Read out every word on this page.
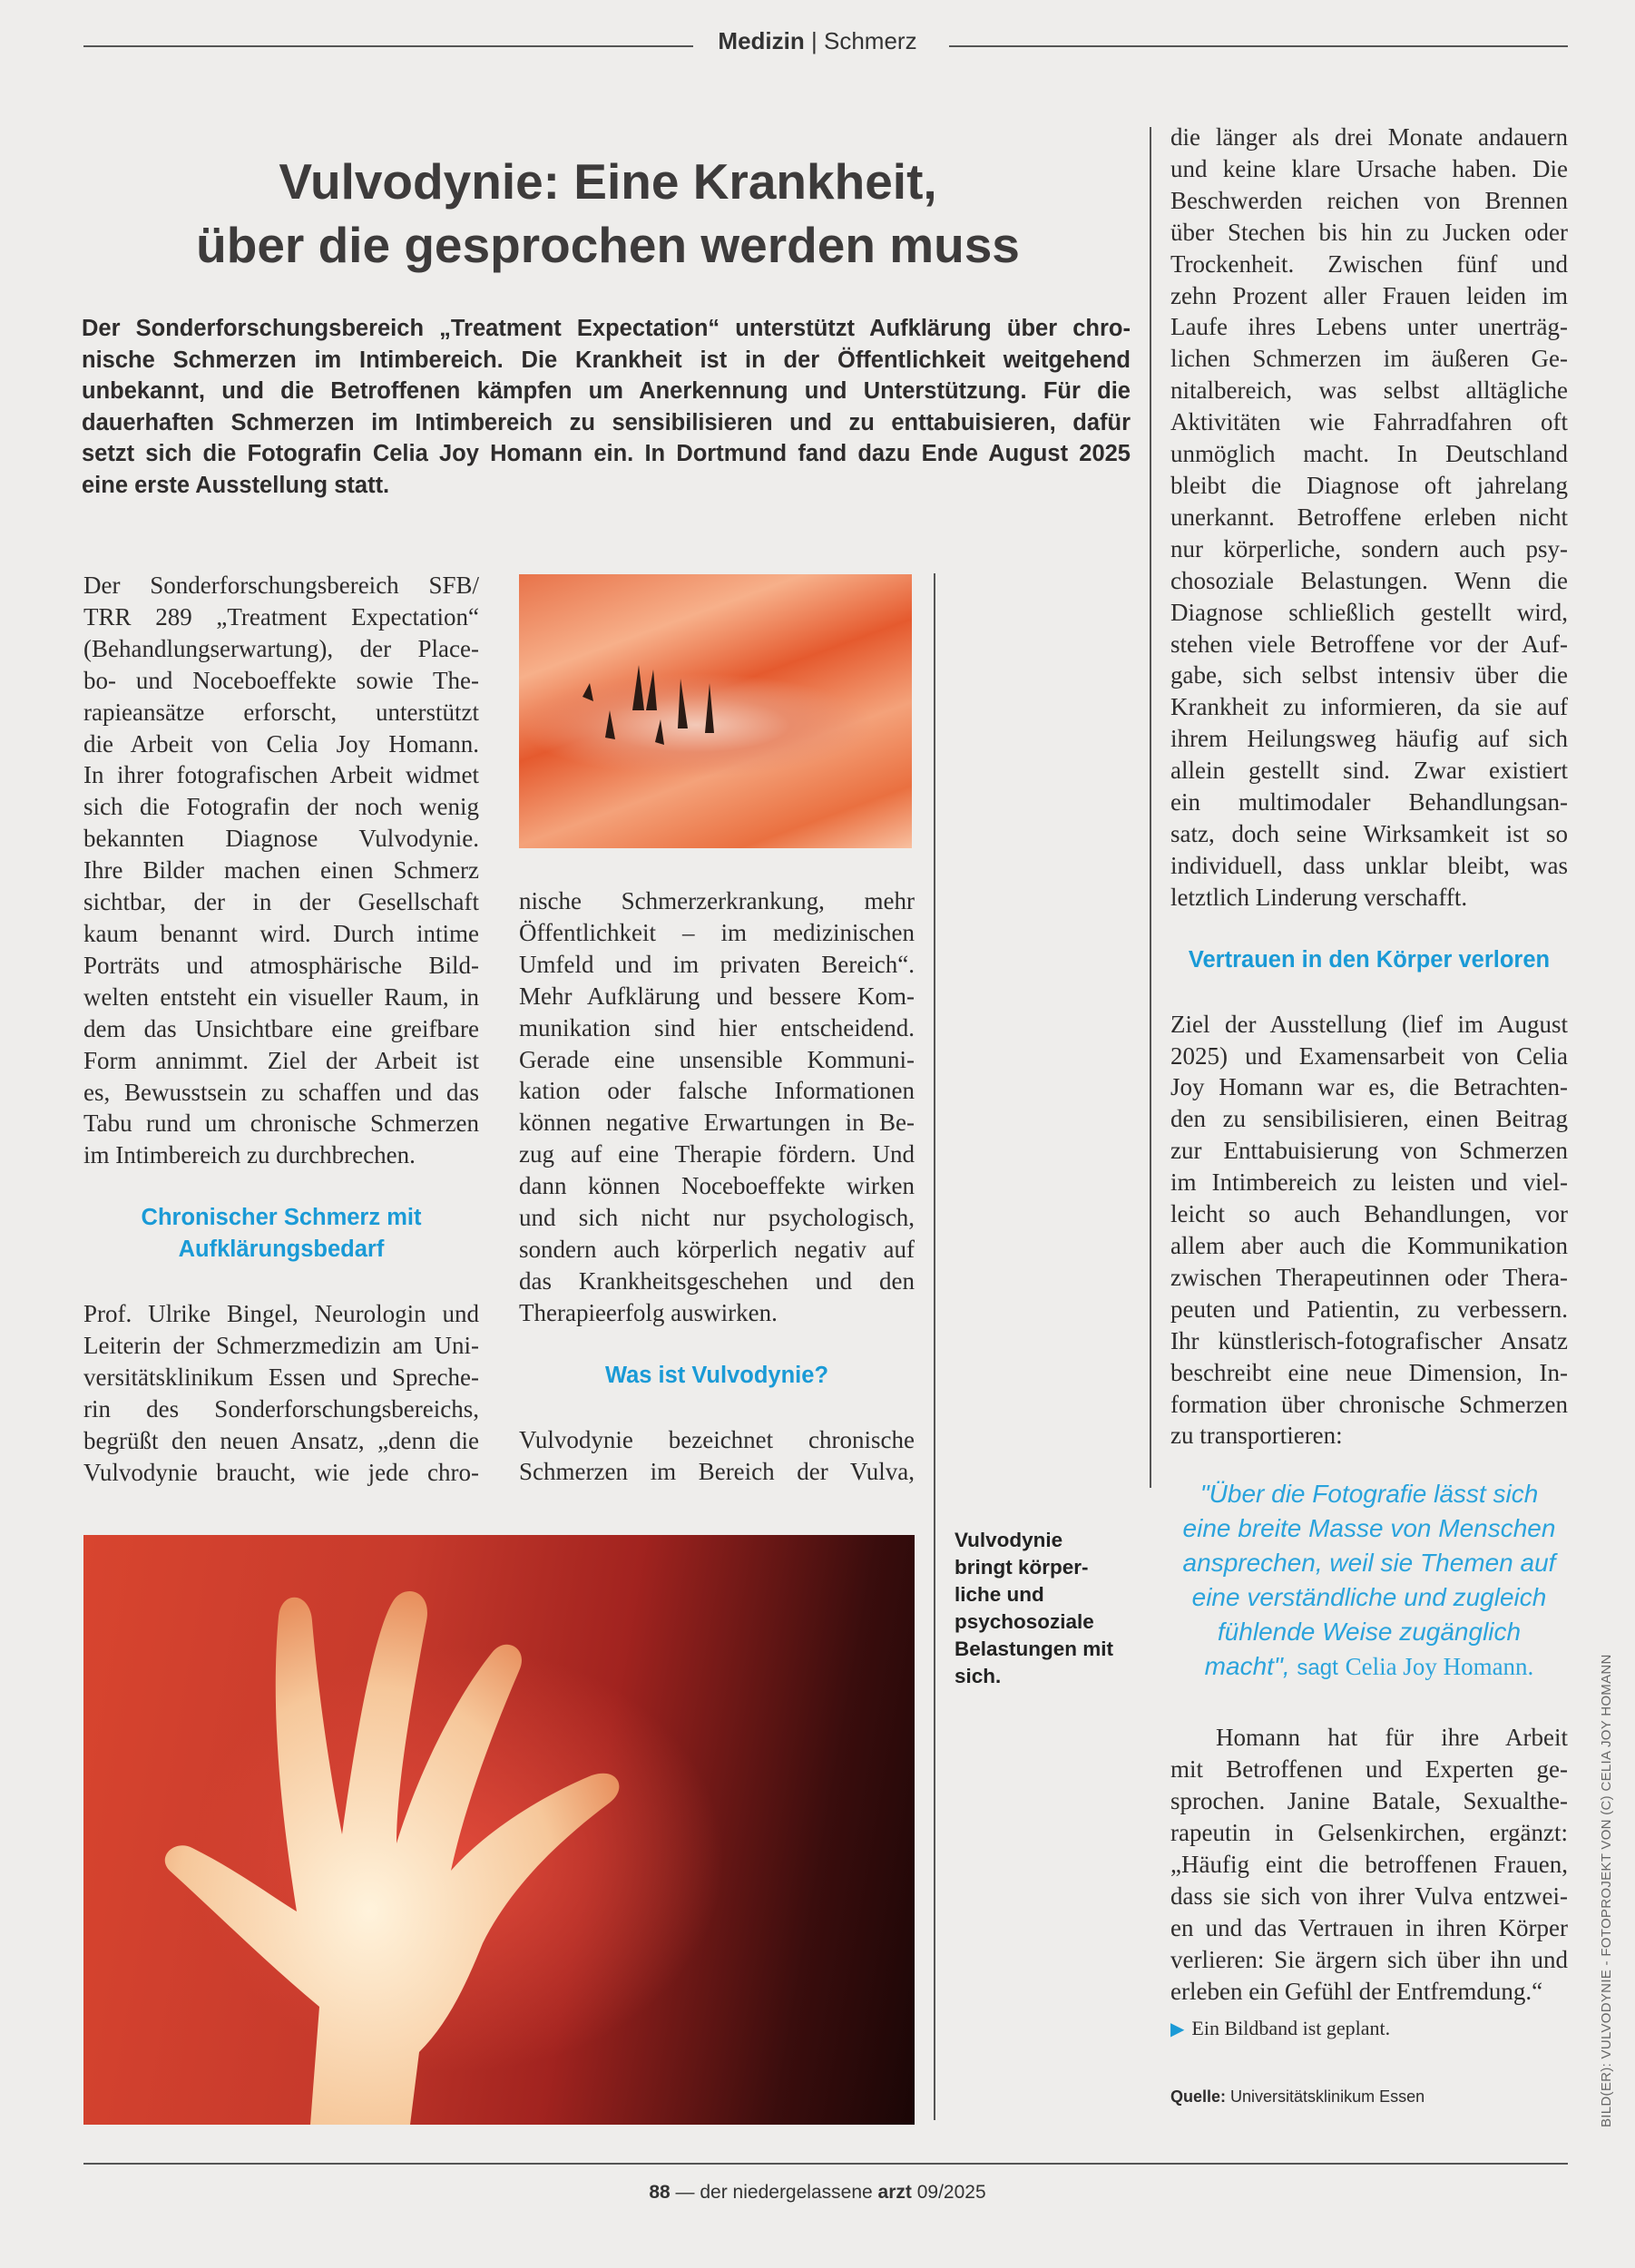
Medizin | Schmerz
Vulvodynie: Eine Krankheit,
über die gesprochen werden muss
Der Sonderforschungsbereich „Treatment Expectation“ unterstützt Aufklärung über chro-
nische Schmerzen im Intimbereich. Die Krankheit ist in der Öffentlichkeit weitgehend
unbekannt, und die Betroffenen kämpfen um Anerkennung und Unterstützung. Für die
dauerhaften Schmerzen im Intimbereich zu sensibilisieren und zu enttabuisieren, dafür
setzt sich die Fotografin Celia Joy Homann ein. In Dortmund fand dazu Ende August 2025
eine erste Ausstellung statt.
Der Sonderforschungsbereich SFB/
TRR 289 „Treatment Expectation“
(Behandlungserwartung), der Place-
bo- und Noceboeffekte sowie The-
rapieansätze erforscht, unterstützt
die Arbeit von Celia Joy Homann.
In ihrer fotografischen Arbeit widmet
sich die Fotografin der noch wenig
bekannten Diagnose Vulvodynie.
Ihre Bilder machen einen Schmerz
sichtbar, der in der Gesellschaft
kaum benannt wird. Durch intime
Porträts und atmosphärische Bild-
welten entsteht ein visueller Raum, in
dem das Unsichtbare eine greifbare
Form annimmt. Ziel der Arbeit ist
es, Bewusstsein zu schaffen und das
Tabu rund um chronische Schmerzen
im Intimbereich zu durchbrechen.
Chronischer Schmerz mit
Aufklärungsbedarf
Prof. Ulrike Bingel, Neurologin und
Leiterin der Schmerzmedizin am Uni-
versitätsklinikum Essen und Spreche-
rin des Sonderforschungsbereichs,
begrüßt den neuen Ansatz, „denn die
Vulvodynie braucht, wie jede chro-
nische Schmerzerkrankung, mehr
Öffentlichkeit – im medizinischen
Umfeld und im privaten Bereich“.
Mehr Aufklärung und bessere Kom-
munikation sind hier entscheidend.
Gerade eine unsensible Kommuni-
kation oder falsche Informationen
können negative Erwartungen in Be-
zug auf eine Therapie fördern. Und
dann können Noceboeffekte wirken
und sich nicht nur psychologisch,
sondern auch körperlich negativ auf
das Krankheitsgeschehen und den
Therapieerfolg auswirken.
Was ist Vulvodynie?
Vulvodynie bezeichnet chronische
Schmerzen im Bereich der Vulva,
die länger als drei Monate andauern
und keine klare Ursache haben. Die
Beschwerden reichen von Brennen
über Stechen bis hin zu Jucken oder
Trockenheit. Zwischen fünf und
zehn Prozent aller Frauen leiden im
Laufe ihres Lebens unter unerträg-
lichen Schmerzen im äußeren Ge-
nitalbereich, was selbst alltägliche
Aktivitäten wie Fahrradfahren oft
unmöglich macht. In Deutschland
bleibt die Diagnose oft jahrelang
unerkannt. Betroffene erleben nicht
nur körperliche, sondern auch psy-
chosoziale Belastungen. Wenn die
Diagnose schließlich gestellt wird,
stehen viele Betroffene vor der Auf-
gabe, sich selbst intensiv über die
Krankheit zu informieren, da sie auf
ihrem Heilungsweg häufig auf sich
allein gestellt sind. Zwar existiert
ein multimodaler Behandlungsan-
satz, doch seine Wirksamkeit ist so
individuell, dass unklar bleibt, was
letztlich Linderung verschafft.
Vertrauen in den Körper verloren
Ziel der Ausstellung (lief im August
2025) und Examensarbeit von Celia
Joy Homann war es, die Betrachten-
den zu sensibilisieren, einen Beitrag
zur Enttabuisierung von Schmerzen
im Intimbereich zu leisten und viel-
leicht so auch Behandlungen, vor
allem aber auch die Kommunikation
zwischen Therapeutinnen oder Thera-
peuten und Patientin, zu verbessern.
Ihr künstlerisch-fotografischer Ansatz
beschreibt eine neue Dimension, In-
formation über chronische Schmerzen
zu transportieren:
"Über die Fotografie lässt sich
eine breite Masse von Menschen
ansprechen, weil sie Themen auf
eine verständliche und zugleich
fühlende Weise zugänglich
macht", sagt Celia Joy Homann.
Homann hat für ihre Arbeit
mit Betroffenen und Experten ge-
sprochen. Janine Batale, Sexualthe-
rapeutin in Gelsenkirchen, ergänzt:
„Häufig eint die betroffenen Frauen,
dass sie sich von ihrer Vulva entzwei-
en und das Vertrauen in ihren Körper
verlieren: Sie ärgern sich über ihn und
erleben ein Gefühl der Entfremdung.“
▶ Ein Bildband ist geplant.
Quelle: Universitätsklinikum Essen
Vulvodynie
bringt körper-
liche und
psychosoziale
Belastungen mit
sich.
88 — der niedergelassene arzt 09/2025
BILD(ER): VULVODYNIE - FOTOPROJEKT VON (C) CELIA JOY HOMANN
